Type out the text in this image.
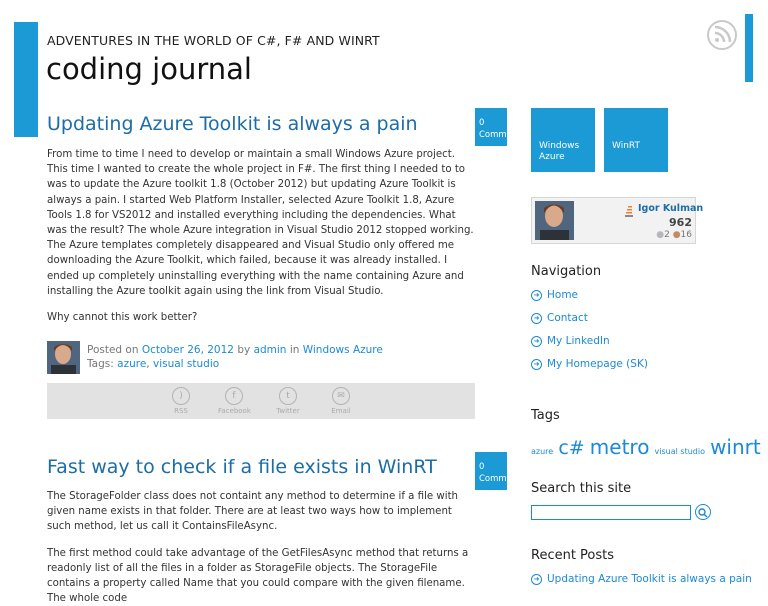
ADVENTURES IN THE WORLD OF C#, F# AND WINRT
coding journal
Updating Azure Toolkit is always a pain

From time to time I need to develop or maintain a small Windows Azure project. This time I wanted to create the whole project in F#. The first thing I needed to to was to update the Azure toolkit 1.8 (October 2012) but updating Azure Toolkit is always a pain. I started Web Platform Installer, selected Azure Toolkit 1.8, Azure Tools 1.8 for VS2012 and installed everything including the dependencies. What was the result? The whole Azure integration in Visual Studio 2012 stopped working. The Azure templates completely disappeared and Visual Studio only offered me downloading the Azure Toolkit, which failed, because it was already installed. I ended up completely uninstalling everything with the name containing Azure and installing the Azure toolkit again using the link from Visual Studio.

Why cannot this work better?

0
Comm
Posted on October 26, 2012 by admin in Windows Azure
Tags: azure, visual studio
)
RSS
f
Facebook
t
Twitter
✉
Email
Fast way to check if a file exists in WinRT

The StorageFolder class does not containt any method to determine if a file with given name exists in that folder. There are at least two ways how to implement such method, let us call it ContainsFileAsync.

The first method could take advantage of the GetFilesAsync method that returns a readonly list of all the files in a folder as StorageFile objects. The StorageFile contains a property called Name that you could compare with the given filename. The whole code

0
Comm
Windows
Azure
WinRT
Igor Kulman
962
●2 ●16
Navigation
➜ Home
➜ Contact
➜ My LinkedIn
➜ My Homepage (SK)
Tags
azure c# metro visual studio winrt
Search this site
Recent Posts
➜ Updating Azure Toolkit is always a pain
